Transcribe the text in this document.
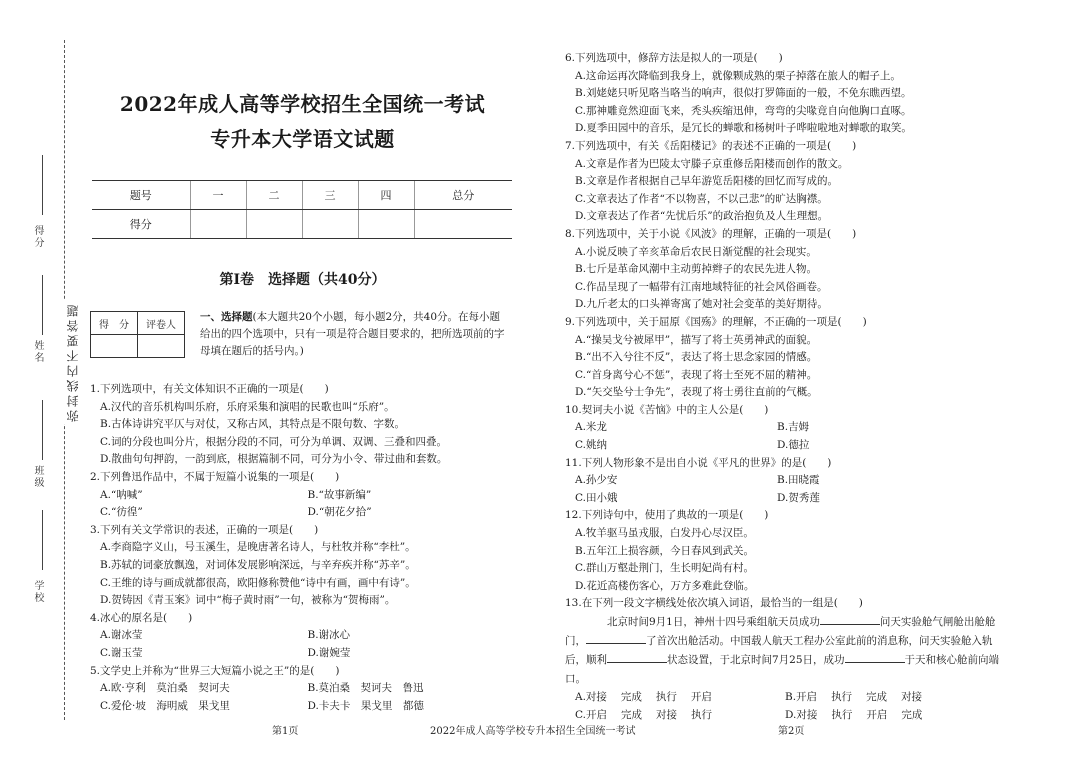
得分
姓名
班级
学校
弥封线内不要答题
2022年成人高等学校招生全国统一考试
专升本大学语文试题
题号	一	二	三	四	总分
得分					
第Ⅰ卷　选择题（共40分）
得　分	评卷人

一、选择题(本大题共20个小题，每小题2分，共40分。在每小题给出的四个选项中，只有一项是符合题目要求的，把所选项前的字母填在题后的括号内。)
1.下列选项中，有关文体知识不正确的一项是(　　)
A.汉代的音乐机构叫乐府，乐府采集和演唱的民歌也叫“乐府”。
B.古体诗讲究平仄与对仗，又称古风，其特点是不限句数、字数。
C.词的分段也叫分片，根据分段的不同，可分为单调、双调、三叠和四叠。
D.散曲句句押韵，一韵到底，根据篇制不同，可分为小令、带过曲和套数。
2.下列鲁迅作品中，不属于短篇小说集的一项是(　　)
A.“呐喊”	B.“故事新编”
C.“彷徨”	D.“朝花夕拾”
3.下列有关文学常识的表述，正确的一项是(　　)
A.李商隐字义山，号玉溪生，是晚唐著名诗人，与杜牧并称“李杜”。
B.苏轼的词豪放飘逸，对词体发展影响深远，与辛弃疾并称“苏辛”。
C.王维的诗与画成就都很高，欧阳修称赞他“诗中有画，画中有诗”。
D.贺铸因《青玉案》词中“梅子黄时雨”一句，被称为“贺梅雨”。
4.冰心的原名是(　　)
A.谢冰莹	B.谢冰心
C.谢玉莹	D.谢婉莹
5.文学史上并称为“世界三大短篇小说之王”的是(　　)
A.欧·亨利　莫泊桑　契诃夫	B.莫泊桑　契诃夫　鲁迅
C.爱伦·坡　海明威　果戈里	D.卡夫卡　果戈里　都德
6.下列选项中，修辞方法是拟人的一项是(　　)
A.这命运再次降临到我身上，就像颗成熟的栗子掉落在旅人的帽子上。
B.刘姥姥只听见咯当咯当的响声，很似打罗筛面的一般，不免东瞧西望。
C.那神雕竟然迎面飞来，秃头疾缩迅伸，弯弯的尖喙竟自向他胸口直啄。
D.夏季田园中的音乐，是冗长的蝉歌和杨树叶子哗啦啦地对蝉歌的取笑。
7.下列选项中，有关《岳阳楼记》的表述不正确的一项是(　　)
A.文章是作者为巴陵太守滕子京重修岳阳楼而创作的散文。
B.文章是作者根据自己早年游览岳阳楼的回忆而写成的。
C.文章表达了作者“不以物喜，不以己悲”的旷达胸襟。
D.文章表达了作者“先忧后乐”的政治抱负及人生理想。
8.下列选项中，关于小说《风波》的理解，正确的一项是(　　)
A.小说反映了辛亥革命后农民日渐觉醒的社会现实。
B.七斤是革命风潮中主动剪掉辫子的农民先进人物。
C.作品呈现了一幅带有江南地域特征的社会风俗画卷。
D.九斤老太的口头禅寄寓了她对社会变革的美好期待。
9.下列选项中，关于屈原《国殇》的理解，不正确的一项是(　　)
A.“操吴戈兮被犀甲”，描写了将士英勇神武的面貌。
B.“出不入兮往不反”，表达了将士思念家园的情感。
C.“首身离兮心不惩”，表现了将士至死不屈的精神。
D.“矢交坠兮士争先”，表现了将士勇往直前的气概。
10.契诃夫小说《苦恼》中的主人公是(　　)
A.米龙	B.吉姆
C.姚纳	D.德拉
11.下列人物形象不是出自小说《平凡的世界》的是(　　)
A.孙少安	B.田晓霞
C.田小娥	D.贺秀莲
12.下列诗句中，使用了典故的一项是(　　)
A.牧羊驱马虽戎服，白发丹心尽汉臣。
B.五年江上损容颜，今日春风到武关。
C.群山万壑赴荆门，生长明妃尚有村。
D.花近高楼伤客心，万方多难此登临。
13.在下列一段文字横线处依次填入词语，最恰当的一组是(　　)
北京时间9月1日，神州十四号乘组航天员成功	问天实验舱气闸舱出舱舱门，	了首次出舱活动。中国载人航天工程办公室此前的消息称，问天实验舱入轨后，顺利	状态设置，于北京时间7月25日，成功	于天和核心舱前向端口。
A.对接 完成 执行 开启	B.开启 执行 完成 对接
C.开启 完成 对接 执行	D.对接 执行 开启 完成
第1页	2022年成人高等学校专升本招生全国统一考试	第2页
